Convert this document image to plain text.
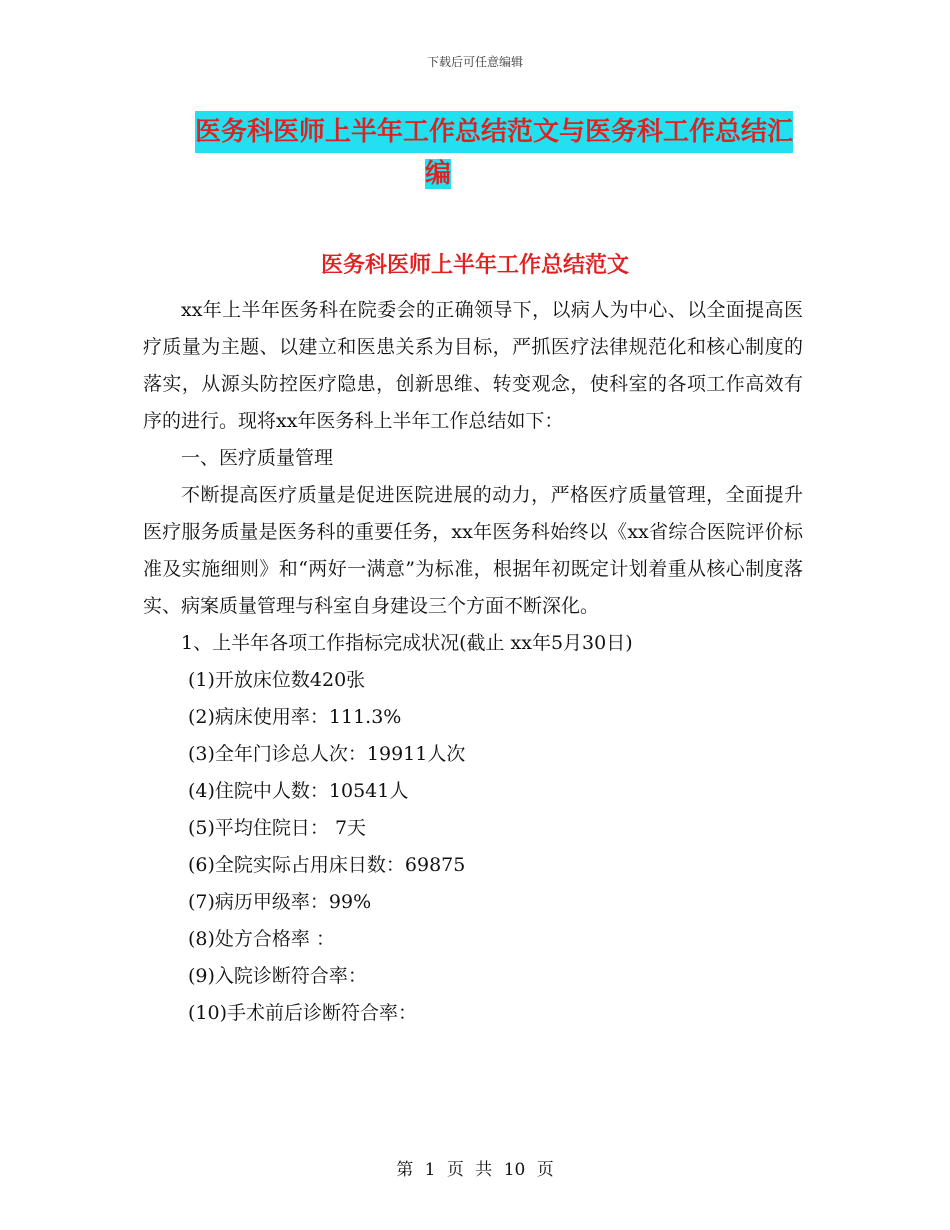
下载后可任意编辑
医务科医师上半年工作总结范文与医务科工作总结汇
编
医务科医师上半年工作总结范文

xx年上半年医务科在院委会的正确领导下，以病人为中心、以全面提高医疗质量为主题、以建立和医患关系为目标，严抓医疗法律规范化和核心制度的落实，从源头防控医疗隐患，创新思维、转变观念，使科室的各项工作高效有序的进行。现将xx年医务科上半年工作总结如下：

一、医疗质量管理

不断提高医疗质量是促进医院进展的动力，严格医疗质量管理，全面提升医疗服务质量是医务科的重要任务，xx年医务科始终以《xx省综合医院评价标准及实施细则》和“两好一满意”为标准，根据年初既定计划着重从核心制度落实、病案质量管理与科室自身建设三个方面不断深化。

1、上半年各项工作指标完成状况(截止 xx年5月30日)

(1)开放床位数420张

(2)病床使用率：111.3%

(3)全年门诊总人次：19911人次

(4)住院中人数：10541人

(5)平均住院日： 7天

(6)全院实际占用床日数：69875

(7)病历甲级率：99%

(8)处方合格率 ：

(9)入院诊断符合率：

(10)手术前后诊断符合率：

第 1 页 共 10 页
